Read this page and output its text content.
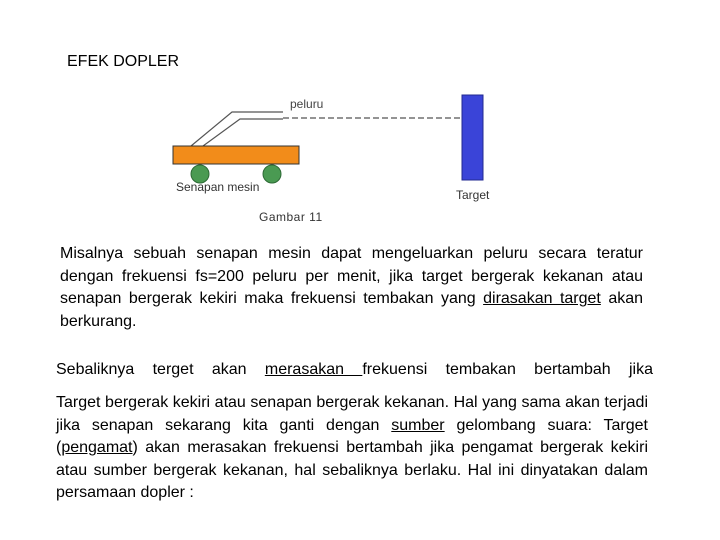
EFEK DOPLER
peluru
Senapan mesin
Target
Gambar 11
Misalnya sebuah senapan mesin dapat mengeluarkan peluru secara teratur dengan frekuensi fs=200 peluru per menit, jika target bergerak kekanan atau senapan bergerak kekiri maka frekuensi tembakan yang dirasakan target akan berkurang.
Sebaliknya terget akan merasakan frekuensi tembakan bertambah jika
Target bergerak kekiri atau senapan bergerak kekanan. Hal yang sama akan terjadi jika senapan sekarang kita ganti dengan sumber gelombang suara: Target (pengamat) akan merasakan frekuensi bertambah jika pengamat bergerak kekiri atau sumber bergerak kekanan, hal sebaliknya berlaku. Hal ini dinyatakan dalam persamaan dopler :
